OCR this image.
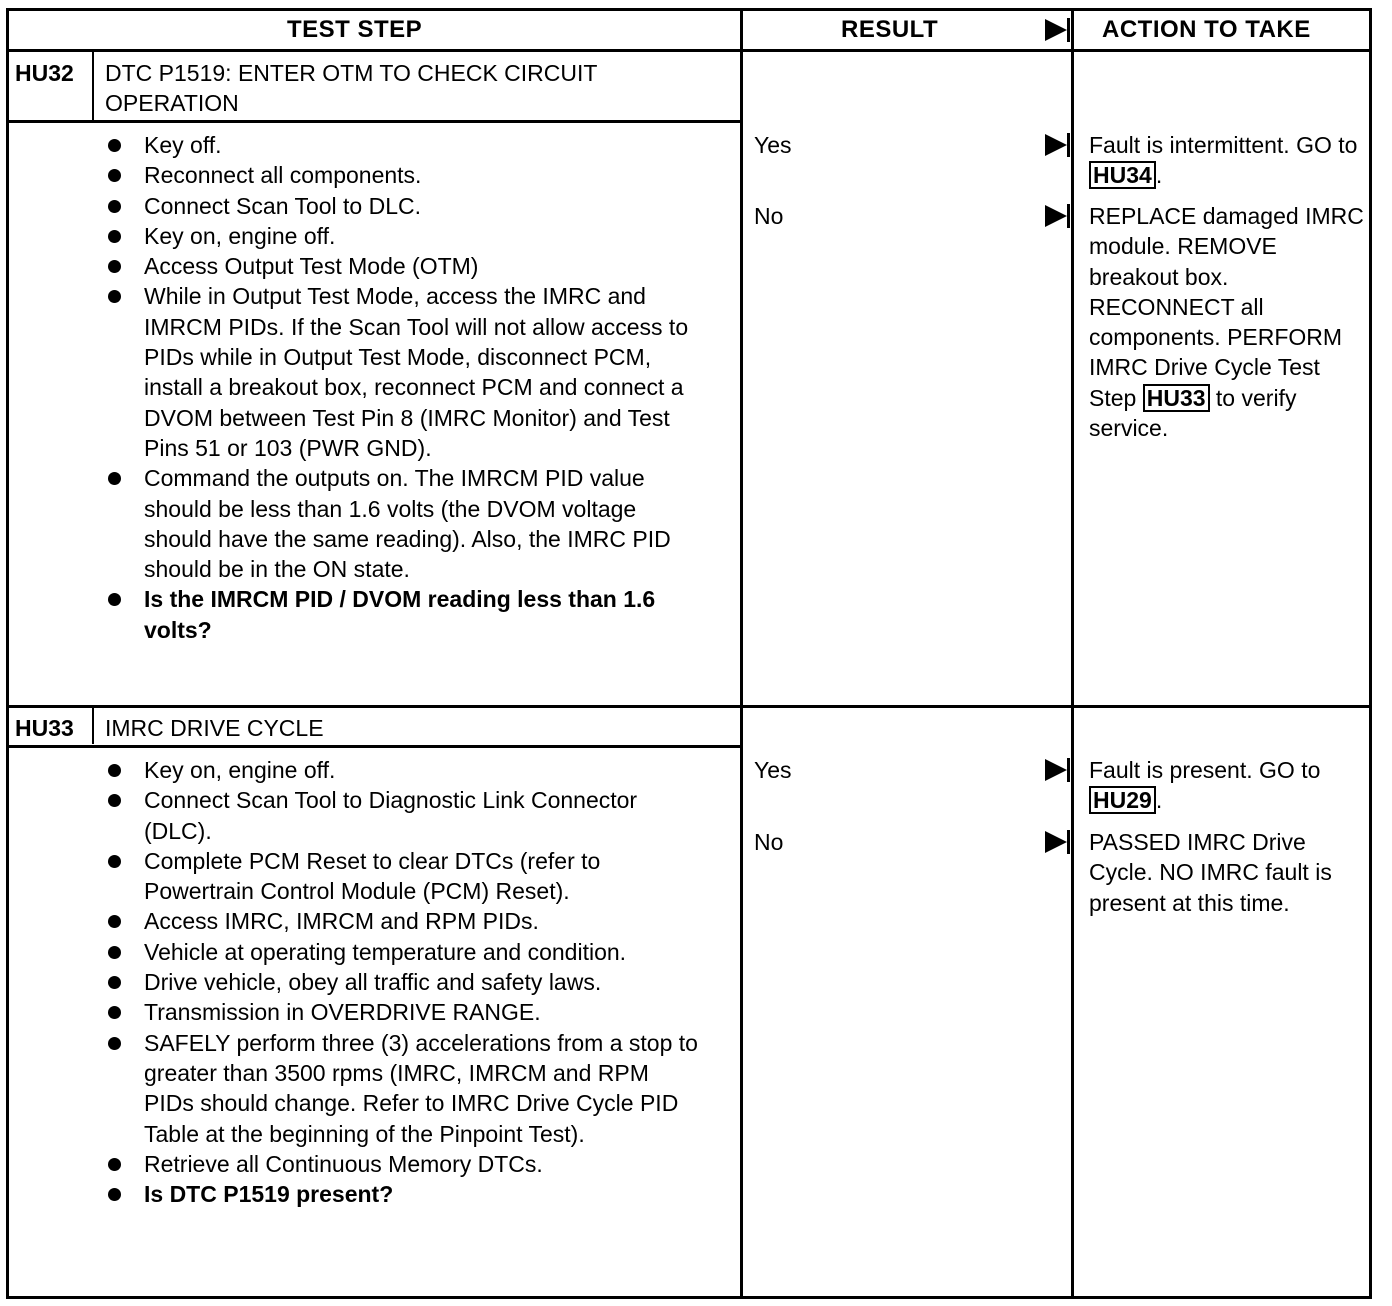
TEST STEP	RESULT	ACTION TO TAKE
HU32 DTC P1519: ENTER OTM TO CHECK CIRCUIT OPERATION
Key off.
Reconnect all components.
Connect Scan Tool to DLC.
Key on, engine off.
Access Output Test Mode (OTM)
While in Output Test Mode, access the IMRC and IMRCM PIDs. If the Scan Tool will not allow access to PIDs while in Output Test Mode, disconnect PCM, install a breakout box, reconnect PCM and connect a DVOM between Test Pin 8 (IMRC Monitor) and Test Pins 51 or 103 (PWR GND).
Command the outputs on. The IMRCM PID value should be less than 1.6 volts (the DVOM voltage should have the same reading). Also, the IMRC PID should be in the ON state.
Is the IMRCM PID / DVOM reading less than 1.6 volts?
Yes
No

Fault is intermittent. GO to HU34 .

REPLACE damaged IMRC module. REMOVE breakout box. RECONNECT all components. PERFORM IMRC Drive Cycle Test Step HU33 to verify service.

HU33 IMRC DRIVE CYCLE
Key on, engine off.
Connect Scan Tool to Diagnostic Link Connector (DLC).
Complete PCM Reset to clear DTCs (refer to Powertrain Control Module (PCM) Reset).
Access IMRC, IMRCM and RPM PIDs.
Vehicle at operating temperature and condition.
Drive vehicle, obey all traffic and safety laws.
Transmission in OVERDRIVE RANGE.
SAFELY perform three (3) accelerations from a stop to greater than 3500 rpms (IMRC, IMRCM and RPM PIDs should change. Refer to IMRC Drive Cycle PID Table at the beginning of the Pinpoint Test).
Retrieve all Continuous Memory DTCs.
Is DTC P1519 present?
Yes
No

Fault is present. GO to HU29 .

PASSED IMRC Drive Cycle. NO IMRC fault is present at this time.
